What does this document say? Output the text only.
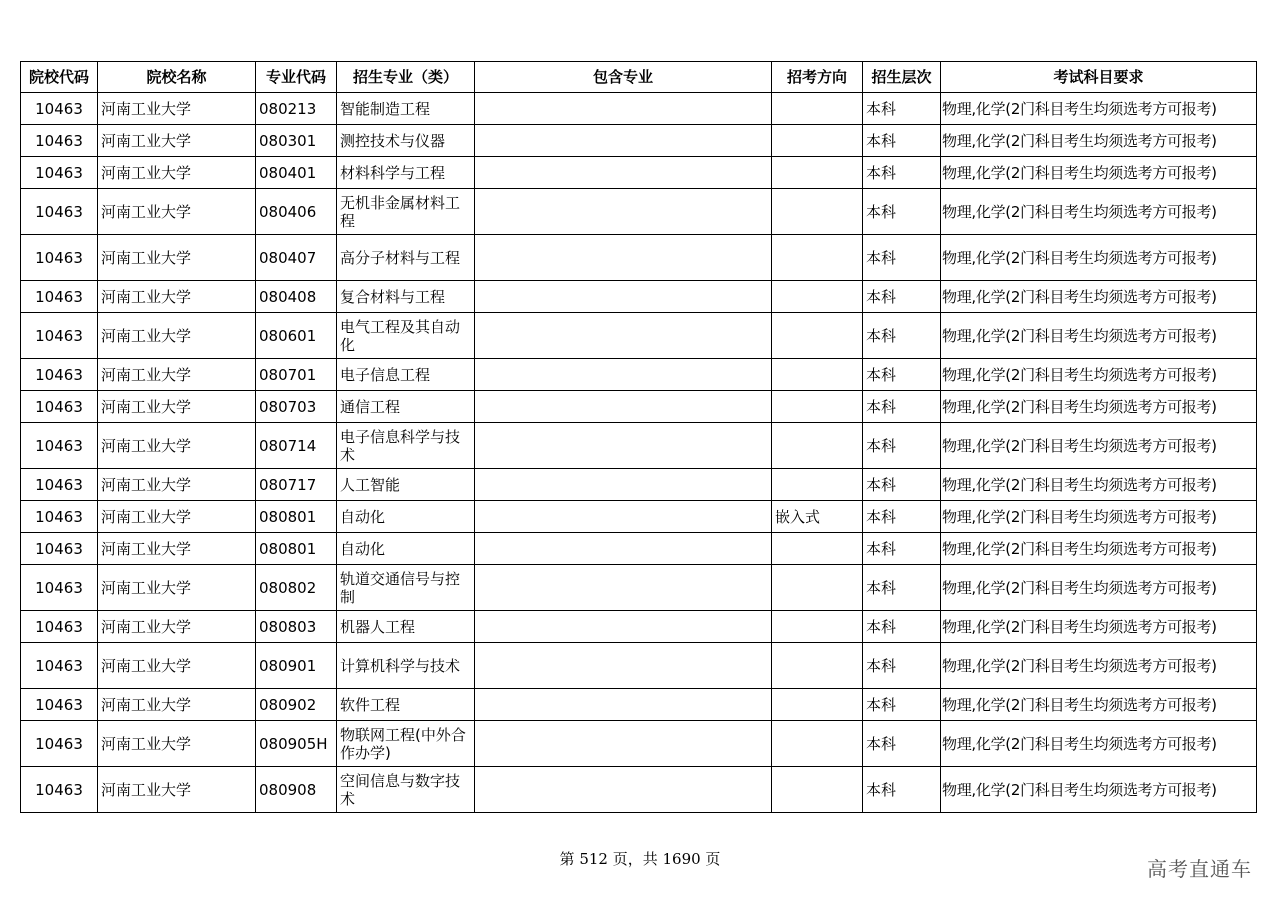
院校代码	院校名称	专业代码	招生专业（类）	包含专业	招考方向	招生层次	考试科目要求
10463	河南工业大学	080213	智能制造工程			本科	物理,化学(2门科目考生均须选考方可报考)
10463	河南工业大学	080301	测控技术与仪器			本科	物理,化学(2门科目考生均须选考方可报考)
10463	河南工业大学	080401	材料科学与工程			本科	物理,化学(2门科目考生均须选考方可报考)
10463	河南工业大学	080406	无机非金属材料工程			本科	物理,化学(2门科目考生均须选考方可报考)
10463	河南工业大学	080407	高分子材料与工程			本科	物理,化学(2门科目考生均须选考方可报考)
10463	河南工业大学	080408	复合材料与工程			本科	物理,化学(2门科目考生均须选考方可报考)
10463	河南工业大学	080601	电气工程及其自动化			本科	物理,化学(2门科目考生均须选考方可报考)
10463	河南工业大学	080701	电子信息工程			本科	物理,化学(2门科目考生均须选考方可报考)
10463	河南工业大学	080703	通信工程			本科	物理,化学(2门科目考生均须选考方可报考)
10463	河南工业大学	080714	电子信息科学与技术			本科	物理,化学(2门科目考生均须选考方可报考)
10463	河南工业大学	080717	人工智能			本科	物理,化学(2门科目考生均须选考方可报考)
10463	河南工业大学	080801	自动化		嵌入式	本科	物理,化学(2门科目考生均须选考方可报考)
10463	河南工业大学	080801	自动化			本科	物理,化学(2门科目考生均须选考方可报考)
10463	河南工业大学	080802	轨道交通信号与控制			本科	物理,化学(2门科目考生均须选考方可报考)
10463	河南工业大学	080803	机器人工程			本科	物理,化学(2门科目考生均须选考方可报考)
10463	河南工业大学	080901	计算机科学与技术			本科	物理,化学(2门科目考生均须选考方可报考)
10463	河南工业大学	080902	软件工程			本科	物理,化学(2门科目考生均须选考方可报考)
10463	河南工业大学	080905H	物联网工程(中外合作办学)			本科	物理,化学(2门科目考生均须选考方可报考)
10463	河南工业大学	080908	空间信息与数字技术			本科	物理,化学(2门科目考生均须选考方可报考)
第 512 页，共 1690 页	高考直通车
